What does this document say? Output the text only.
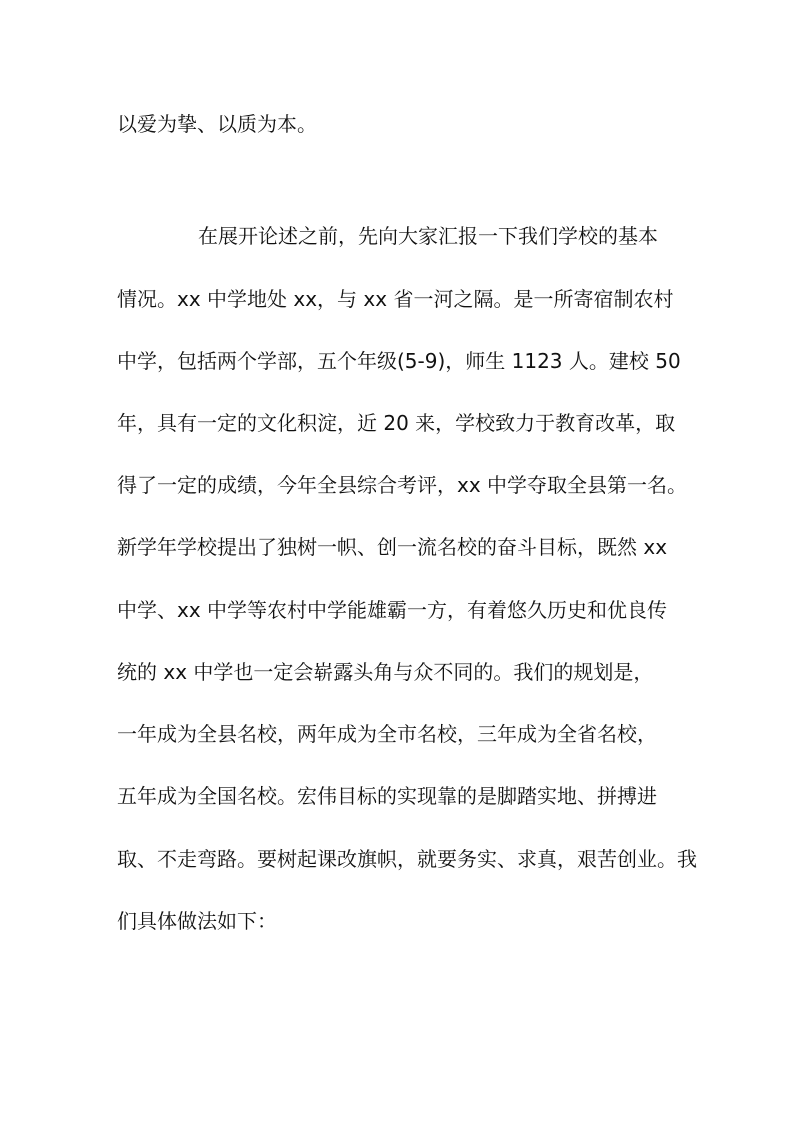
以爱为挚、以质为本。
在展开论述之前，先向大家汇报一下我们学校的基本
情况。xx 中学地处 xx，与 xx 省一河之隔。是一所寄宿制农村
中学，包括两个学部，五个年级(5-9)，师生 1123 人。建校 50
年，具有一定的文化积淀，近 20 来，学校致力于教育改革，取
得了一定的成绩，今年全县综合考评，xx 中学夺取全县第一名。
新学年学校提出了独树一帜、创一流名校的奋斗目标，既然 xx
中学、xx 中学等农村中学能雄霸一方，有着悠久历史和优良传
统的 xx 中学也一定会崭露头角与众不同的。我们的规划是，
一年成为全县名校，两年成为全市名校，三年成为全省名校，
五年成为全国名校。宏伟目标的实现靠的是脚踏实地、拼搏进
取、不走弯路。要树起课改旗帜，就要务实、求真，艰苦创业。我
们具体做法如下：
